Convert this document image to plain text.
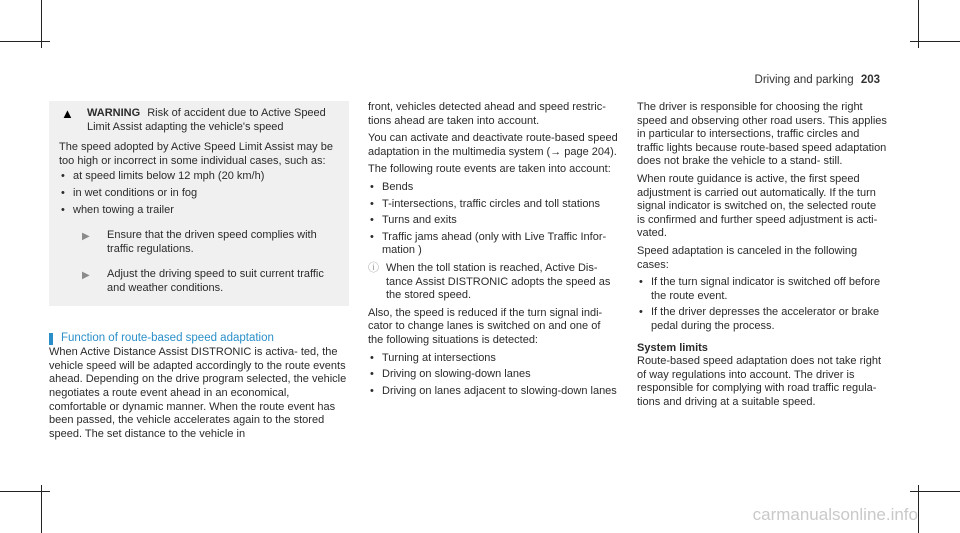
Driving and parking 203
▲ WARNING Risk of accident due to Active Speed Limit Assist adapting the vehicle's speed
The speed adopted by Active Speed Limit Assist may be too high or incorrect in some individual cases, such as:
• at speed limits below 12 mph (20 km/h)
• in wet conditions or in fog
• when towing a trailer
▶ Ensure that the driven speed complies with traffic regulations.
▶ Adjust the driving speed to suit current traffic and weather conditions.
Function of route-based speed adaptation

When Active Distance Assist DISTRONIC is activa- ted, the vehicle speed will be adapted accordingly to the route events ahead. Depending on the drive program selected, the vehicle negotiates a route event ahead in an economical, comfortable or dynamic manner. When the route event has been passed, the vehicle accelerates again to the stored speed. The set distance to the vehicle in

front, vehicles detected ahead and speed restric- tions ahead are taken into account.

You can activate and deactivate route-based speed adaptation in the multimedia system (→ page 204).

The following route events are taken into account:

• Bends
• T-intersections, traffic circles and toll stations
• Turns and exits
• Traffic jams ahead (only with Live Traffic Infor- mation )
ⓘ When the toll station is reached, Active Dis- tance Assist DISTRONIC adopts the speed as the stored speed.

Also, the speed is reduced if the turn signal indi- cator to change lanes is switched on and one of the following situations is detected:

• Turning at intersections
• Driving on slowing-down lanes
• Driving on lanes adjacent to slowing-down lanes

The driver is responsible for choosing the right speed and observing other road users. This applies in particular to intersections, traffic circles and traffic lights because route-based speed adaptation does not brake the vehicle to a stand- still.

When route guidance is active, the first speed adjustment is carried out automatically. If the turn signal indicator is switched on, the selected route is confirmed and further speed adjustment is acti- vated.

Speed adaptation is canceled in the following cases:

• If the turn signal indicator is switched off before the route event.
• If the driver depresses the accelerator or brake pedal during the process.
System limits

Route-based speed adaptation does not take right of way regulations into account. The driver is responsible for complying with road traffic regula- tions and driving at a suitable speed.

carmanualsonline.info
